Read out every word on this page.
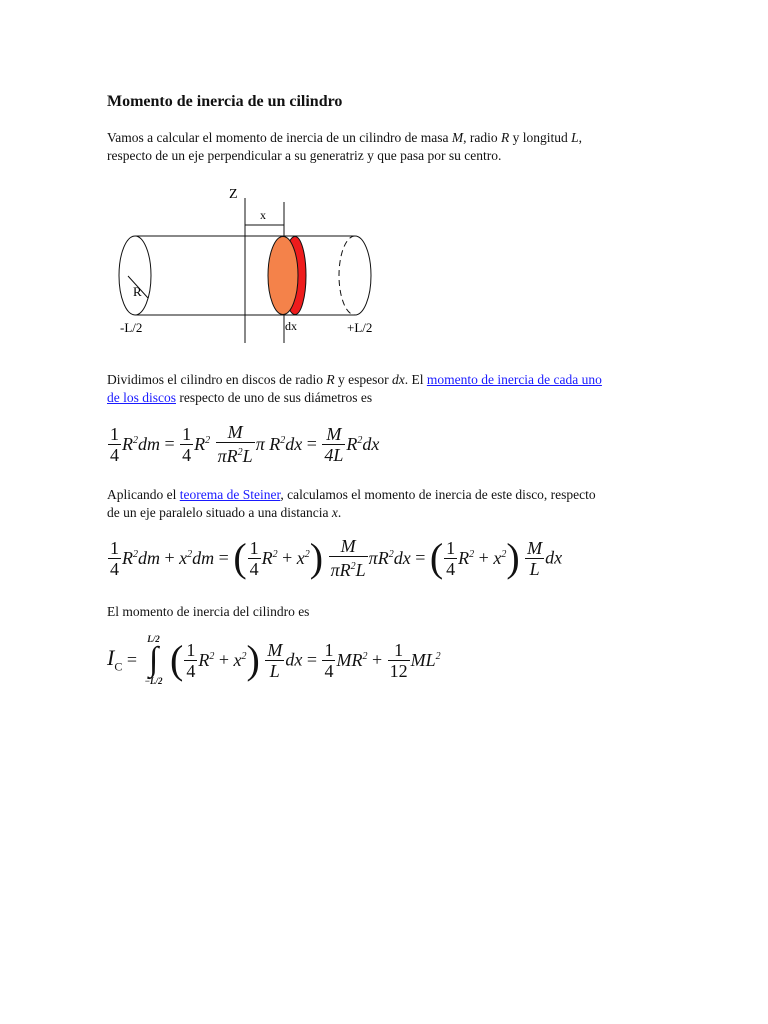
Momento de inercia de un cilindro
Vamos a calcular el momento de inercia de un cilindro de masa M, radio R y longitud L,
respecto de un eje perpendicular a su generatriz y que pasa por su centro.
Z
x
R
-L/2	dx	+L/2
Dividimos el cilindro en discos de radio R y espesor dx. El momento de inercia de cada uno
de los discos respecto de uno de sus diámetros es
$\frac{1}{4} R^2dm = \frac{1}{4} R^2 \frac{M}{\pi R^2L}$ π $R^2dx = \frac{M}{4L} R^2dx$
Aplicando el teorema de Steiner, calculamos el momento de inercia de este disco, respecto
de un eje paralelo situado a una distancia x.
$\frac{1}{4} R^2dm + x^2dm$ = ( $\frac{1}{4} R^2 + x^2) \frac{M}{\pi R^2L} \pi R^2dx$ = ( $\frac{1}{4} R^2 + x^2) \frac{M}{L}$ dx
El momento de inercia del cilindro es
$I_C$ =
L/2
∫
−L/2 ( $\frac{1}{4} R^2 + x^2) \frac{M}{L}$ dx = $\frac{1}{4} MR^2 + \frac{1}{12} ML^2$
